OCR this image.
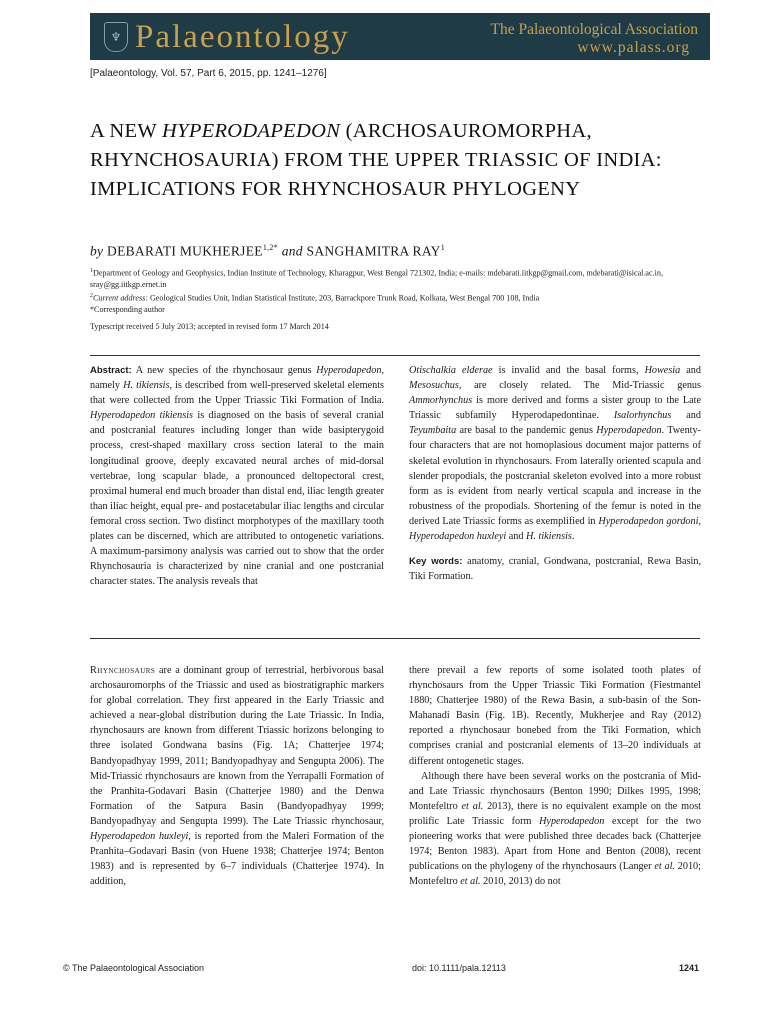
♆ Palaeontology	The Palaeontological Association
www.palass.org
[Palaeontology, Vol. 57, Part 6, 2015, pp. 1241–1276]
A NEW HYPERODAPEDON (ARCHOSAUROMORPHA, RHYNCHOSAURIA) FROM THE UPPER TRIASSIC OF INDIA: IMPLICATIONS FOR RHYNCHOSAUR PHYLOGENY
by DEBARATI $MUKHERJEE^{1,2*}$ and SANGHAMITRA RAY$^1$
$^1$Department of Geology and Geophysics, Indian Institute of Technology, Kharagpur, West Bengal 721302, India; e-mails: mdebarati.iitkgp@gmail.com, mdebarati@isical.ac.in, sray@gg.iitkgp.ernet.in
$^2$Current address: Geological Studies Unit, Indian Statistical Institute, 203, Barrackpore Trunk Road, Kolkata, West Bengal 700 108, India
*Corresponding author
Typescript received 5 July 2013; accepted in revised form 17 March 2014

Abstract: A new species of the rhynchosaur genus Hyperodapedon, namely H. tikiensis, is described from well-preserved skeletal elements that were collected from the Upper Triassic Tiki Formation of India. Hyperodapedon tikiensis is diagnosed on the basis of several cranial and postcranial features including longer than wide basipterygoid process, crest-shaped maxillary cross section lateral to the main longitudinal groove, deeply excavated neural arches of mid-dorsal vertebrae, long scapular blade, a pronounced deltopectoral crest, proximal humeral end much broader than distal end, iliac length greater than iliac height, equal pre- and postacetabular iliac lengths and circular femoral cross section. Two distinct morphotypes of the maxillary tooth plates can be discerned, which are attributed to ontogenetic variations. A maximum-parsimony analysis was carried out to show that the order Rhynchosauria is characterized by nine cranial and one postcranial character states. The analysis reveals that

Otischalkia elderae is invalid and the basal forms, Howesia and Mesosuchus, are closely related. The Mid-Triassic genus Ammorhynchus is more derived and forms a sister group to the Late Triassic subfamily Hyperodapedontinae. Isalorhynchus and Teyumbaita are basal to the pandemic genus Hyperodapedon. Twenty-four characters that are not homoplasious document major patterns of skeletal evolution in rhynchosaurs. From laterally oriented scapula and slender propodials, the postcranial skeleton evolved into a more robust form as is evident from nearly vertical scapula and increase in the robustness of the propodials. Shortening of the femur is noted in the derived Late Triassic forms as exemplified in Hyperodapedon gordoni, Hyperodapedon huxleyi and H. tikiensis.

Key words: anatomy, cranial, Gondwana, postcranial, Rewa Basin, Tiki Formation.

Rhynchosaurs are a dominant group of terrestrial, herbivorous basal archosauromorphs of the Triassic and used as biostratigraphic markers for global correlation. They first appeared in the Early Triassic and achieved a near-global distribution during the Late Triassic. In India, rhynchosaurs are known from different Triassic horizons belonging to three isolated Gondwana basins (Fig. 1A; Chatterjee 1974; Bandyopadhyay 1999, 2011; Bandyopadhyay and Sengupta 2006). The Mid-Triassic rhynchosaurs are known from the Yerrapalli Formation of the Pranhita-Godavari Basin (Chatterjee 1980) and the Denwa Formation of the Satpura Basin (Bandyopadhyay 1999; Bandyopadhyay and Sengupta 1999). The Late Triassic rhynchosaur, Hyperodapedon huxleyi, is reported from the Maleri Formation of the Pranhita–Godavari Basin (von Huene 1938; Chatterjee 1974; Benton 1983) and is represented by 6–7 individuals (Chatterjee 1974). In addition,

there prevail a few reports of some isolated tooth plates of rhynchosaurs from the Upper Triassic Tiki Formation (Fiestmantel 1880; Chatterjee 1980) of the Rewa Basin, a sub-basin of the Son-Mahanadi Basin (Fig. 1B). Recently, Mukherjee and Ray (2012) reported a rhynchosaur bonebed from the Tiki Formation, which comprises cranial and postcranial elements of 13–20 individuals at different ontogenetic stages.

Although there have been several works on the postcrania of Mid- and Late Triassic rhynchosaurs (Benton 1990; Dilkes 1995, 1998; Montefeltro et al. 2013), there is no equivalent example on the most prolific Late Triassic form Hyperodapedon except for the two pioneering works that were published three decades back (Chatterjee 1974; Benton 1983). Apart from Hone and Benton (2008), recent publications on the phylogeny of the rhynchosaurs (Langer et al. 2010; Montefeltro et al. 2010, 2013) do not

© The Palaeontological Association	doi: 10.1111/pala.12113	1241
